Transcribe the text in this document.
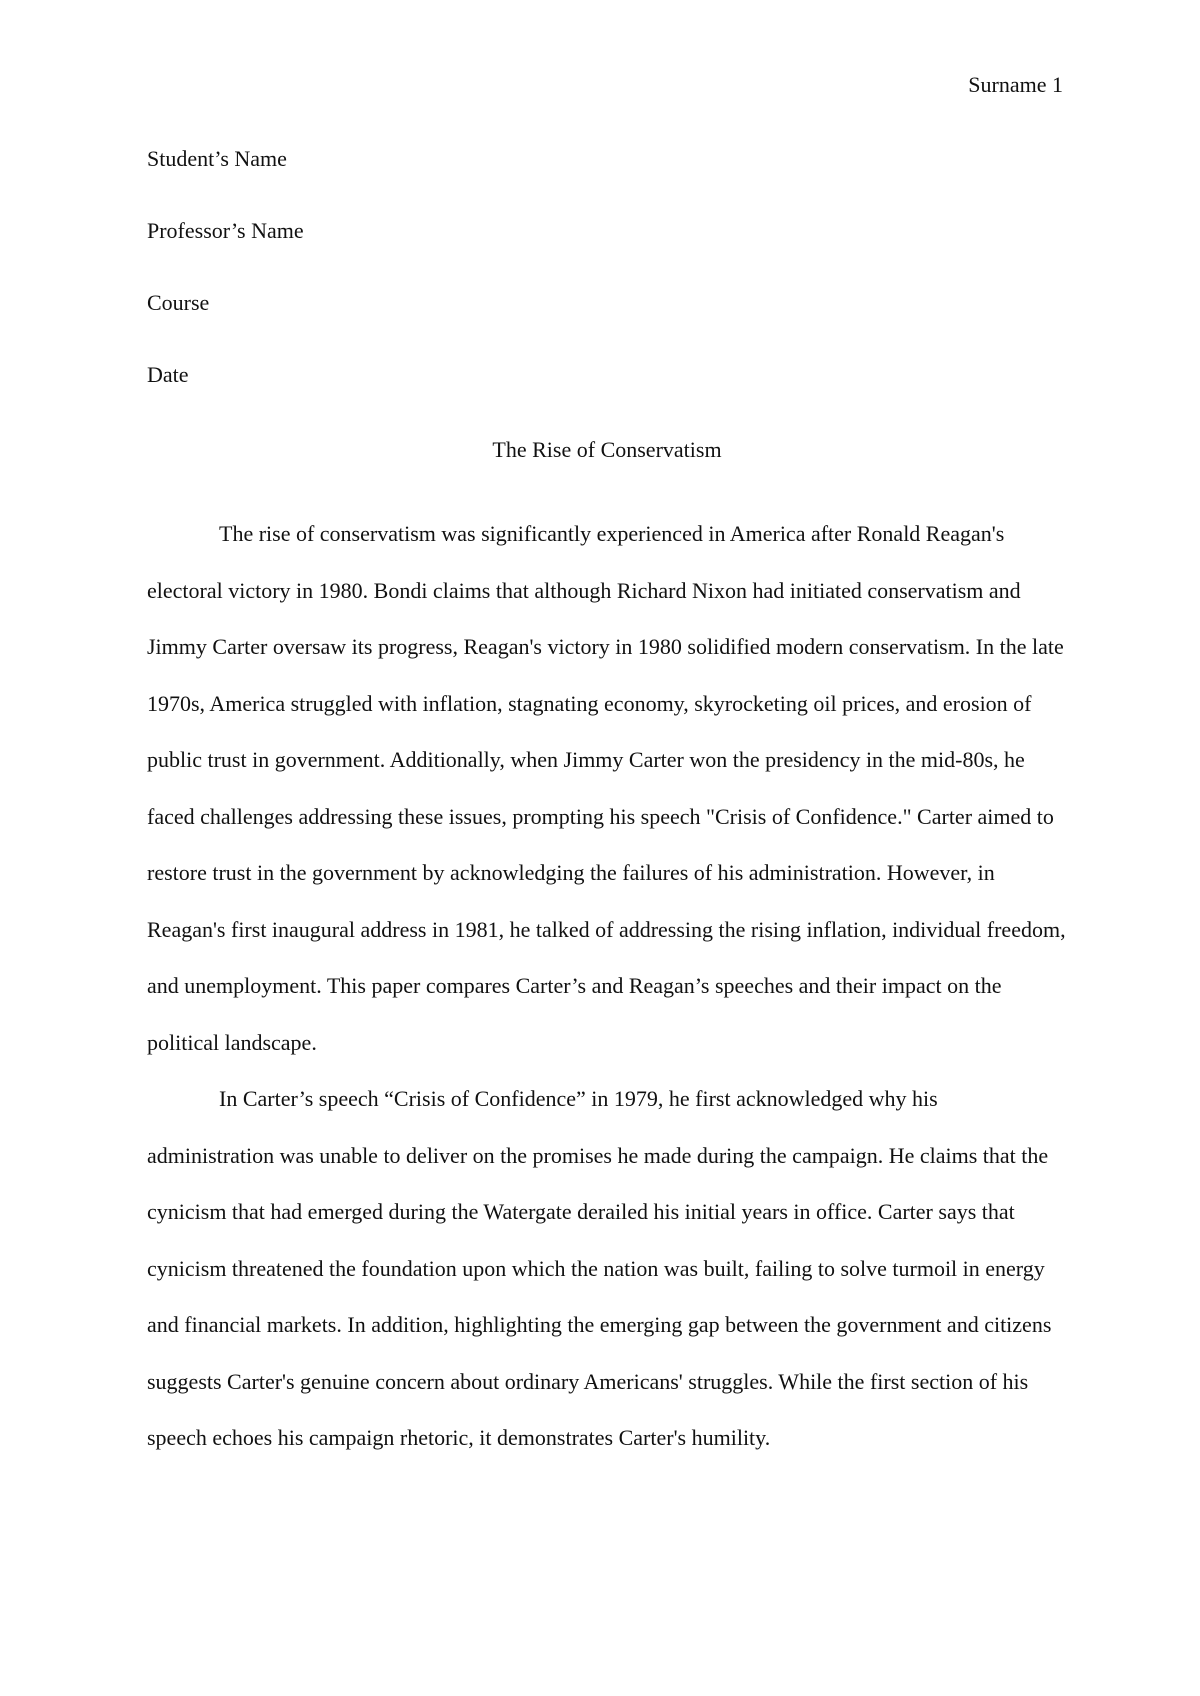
Surname 1
Student’s Name
Professor’s Name
Course
Date
The Rise of Conservatism

The rise of conservatism was significantly experienced in America after Ronald Reagan's electoral victory in 1980. Bondi claims that although Richard Nixon had initiated conservatism and Jimmy Carter oversaw its progress, Reagan's victory in 1980 solidified modern conservatism. In the late 1970s, America struggled with inflation, stagnating economy, skyrocketing oil prices, and erosion of public trust in government. Additionally, when Jimmy Carter won the presidency in the mid-80s, he faced challenges addressing these issues, prompting his speech "Crisis of Confidence." Carter aimed to restore trust in the government by acknowledging the failures of his administration. However, in Reagan's first inaugural address in 1981, he talked of addressing the rising inflation, individual freedom, and unemployment. This paper compares Carter’s and Reagan’s speeches and their impact on the political landscape.

In Carter’s speech “Crisis of Confidence” in 1979, he first acknowledged why his administration was unable to deliver on the promises he made during the campaign. He claims that the cynicism that had emerged during the Watergate derailed his initial years in office. Carter says that cynicism threatened the foundation upon which the nation was built, failing to solve turmoil in energy and financial markets. In addition, highlighting the emerging gap between the government and citizens suggests Carter's genuine concern about ordinary Americans' struggles. While the first section of his speech echoes his campaign rhetoric, it demonstrates Carter's humility.
